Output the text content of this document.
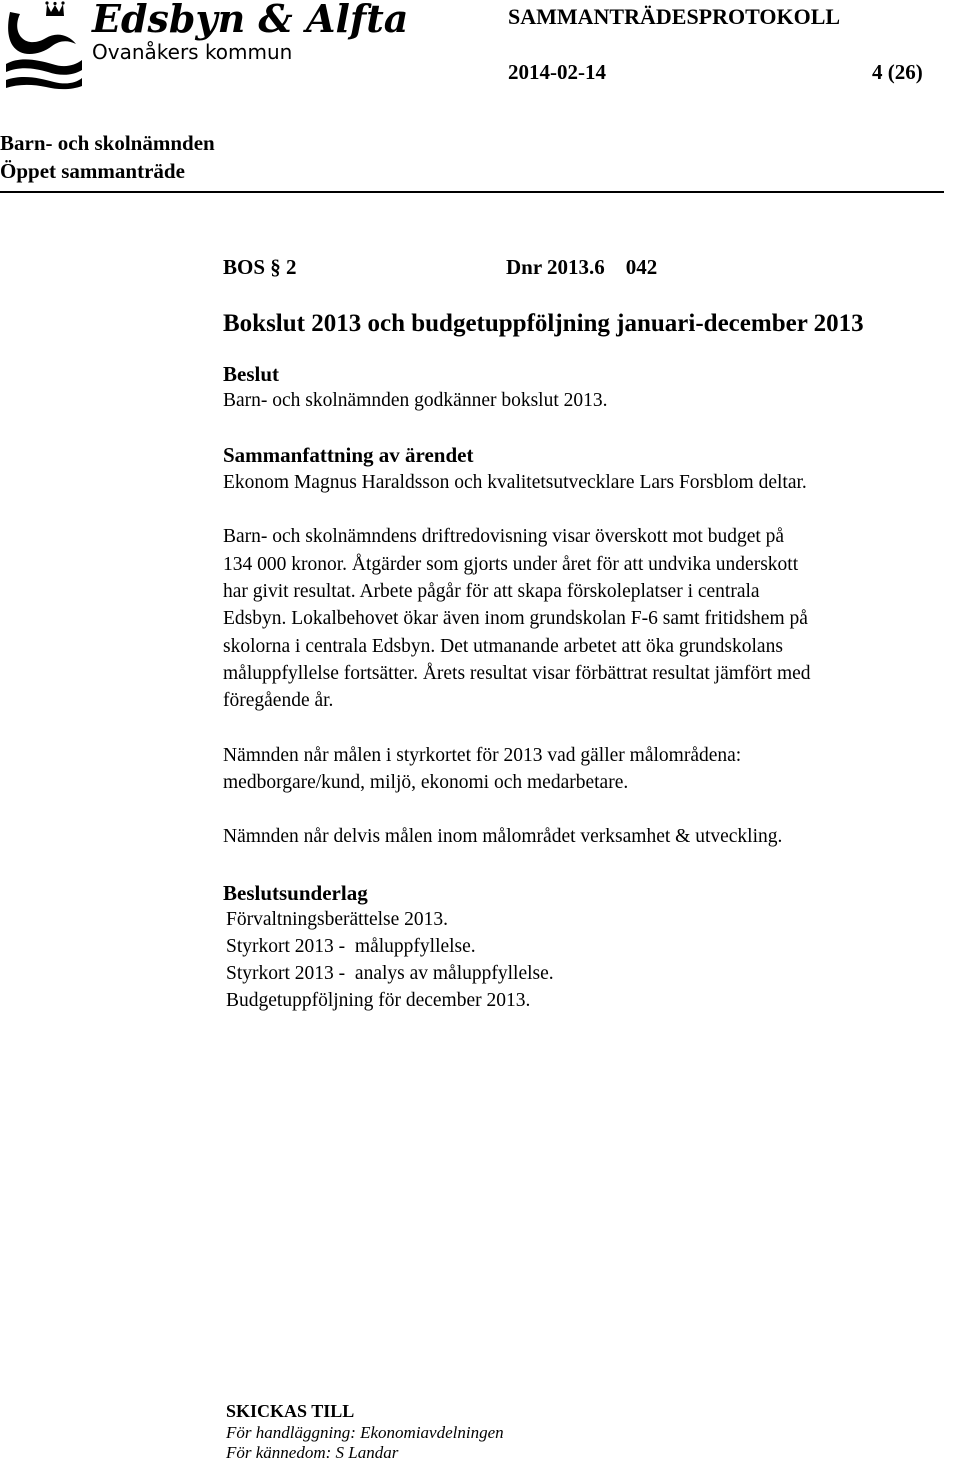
Edsbyn & Alfta
Ovanåkers kommun
SAMMANTRÄDESPROTOKOLL
2014-02-14	4 (26)
Barn- och skolnämnden
Öppet sammanträde
BOS § 2	Dnr 2013.6    042
Bokslut 2013 och budgetuppföljning januari-december 2013
Beslut
Barn- och skolnämnden godkänner bokslut 2013.
Sammanfattning av ärendet
Ekonom Magnus Haraldsson och kvalitetsutvecklare Lars Forsblom deltar.
Barn- och skolnämndens driftredovisning visar överskott mot budget på
134 000 kronor. Åtgärder som gjorts under året för att undvika underskott
har givit resultat. Arbete pågår för att skapa förskoleplatser i centrala
Edsbyn. Lokalbehovet ökar även inom grundskolan F-6 samt fritidshem på
skolorna i centrala Edsbyn. Det utmanande arbetet att öka grundskolans
måluppfyllelse fortsätter. Årets resultat visar förbättrat resultat jämfört med
föregående år.
Nämnden når målen i styrkortet för 2013 vad gäller målområdena:
medborgare/kund, miljö, ekonomi och medarbetare.
Nämnden når delvis målen inom målområdet verksamhet & utveckling.
Beslutsunderlag
Förvaltningsberättelse 2013.
Styrkort 2013 -  måluppfyllelse.
Styrkort 2013 -  analys av måluppfyllelse.
Budgetuppföljning för december 2013.
SKICKAS TILL
För handläggning: Ekonomiavdelningen
För kännedom: S Landar
